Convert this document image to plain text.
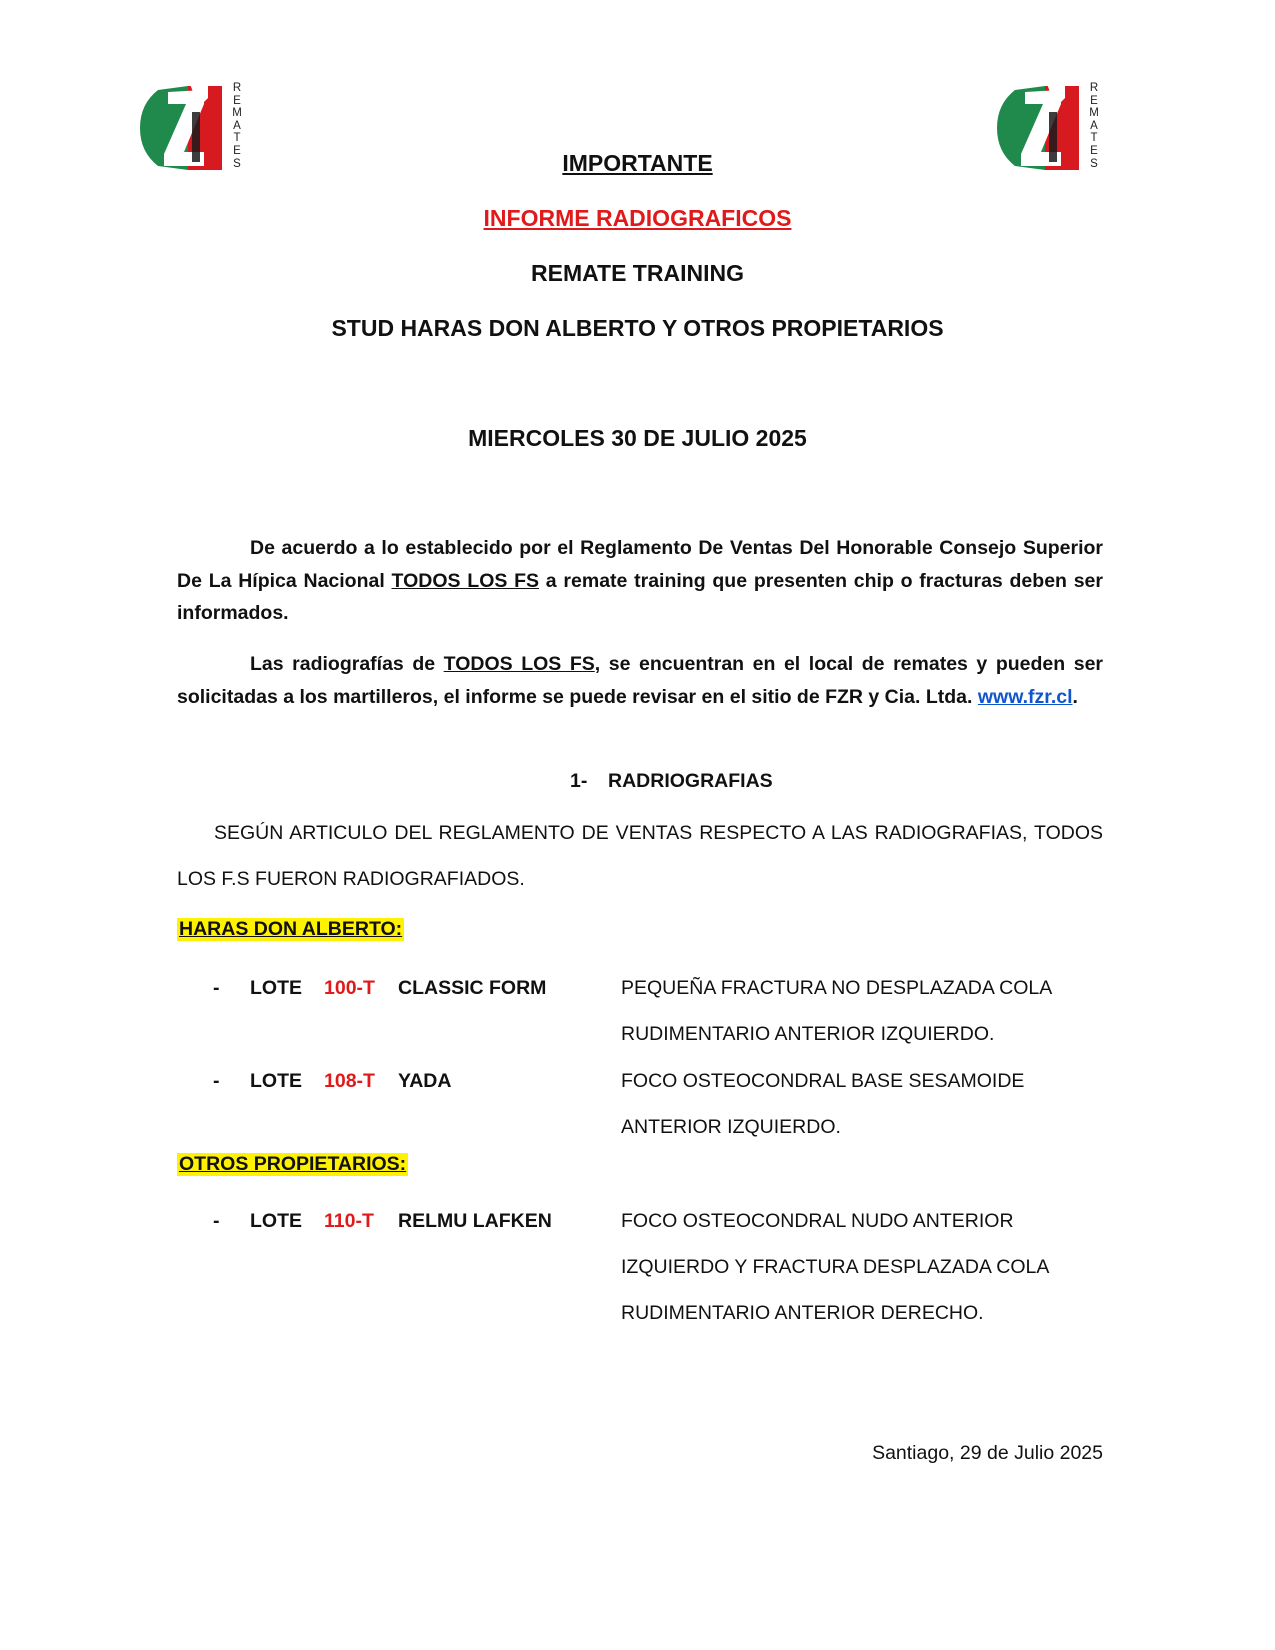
R
E
M
A
T
E
S
R
E
M
A
T
E
S
IMPORTANTE
INFORME RADIOGRAFICOS
REMATE TRAINING
STUD HARAS DON ALBERTO Y OTROS PROPIETARIOS
MIERCOLES 30 DE JULIO 2025

De acuerdo a lo establecido por el Reglamento De Ventas Del Honorable Consejo Superior De La Hípica Nacional TODOS LOS FS a remate training que presenten chip o fracturas deben ser informados.

Las radiografías de TODOS LOS FS, se encuentran en el local de remates y pueden ser solicitadas a los martilleros, el informe se puede revisar en el sitio de FZR y Cia. Ltda. www.fzr.cl.

1- RADRIOGRAFIAS

SEGÚN ARTICULO DEL REGLAMENTO DE VENTAS RESPECTO A LAS RADIOGRAFIAS, TODOS LOS F.S FUERON RADIOGRAFIADOS.

HARAS DON ALBERTO:
- LOTE 100-T CLASSIC FORM	PEQUEÑA FRACTURA NO DESPLAZADA COLA RUDIMENTARIO ANTERIOR IZQUIERDO.
- LOTE 108-T YADA	FOCO OSTEOCONDRAL BASE SESAMOIDE ANTERIOR IZQUIERDO.
OTROS PROPIETARIOS:
- LOTE 110-T RELMU LAFKEN	FOCO OSTEOCONDRAL NUDO ANTERIOR IZQUIERDO Y FRACTURA DESPLAZADA COLA RUDIMENTARIO ANTERIOR DERECHO.
Santiago, 29 de Julio 2025
